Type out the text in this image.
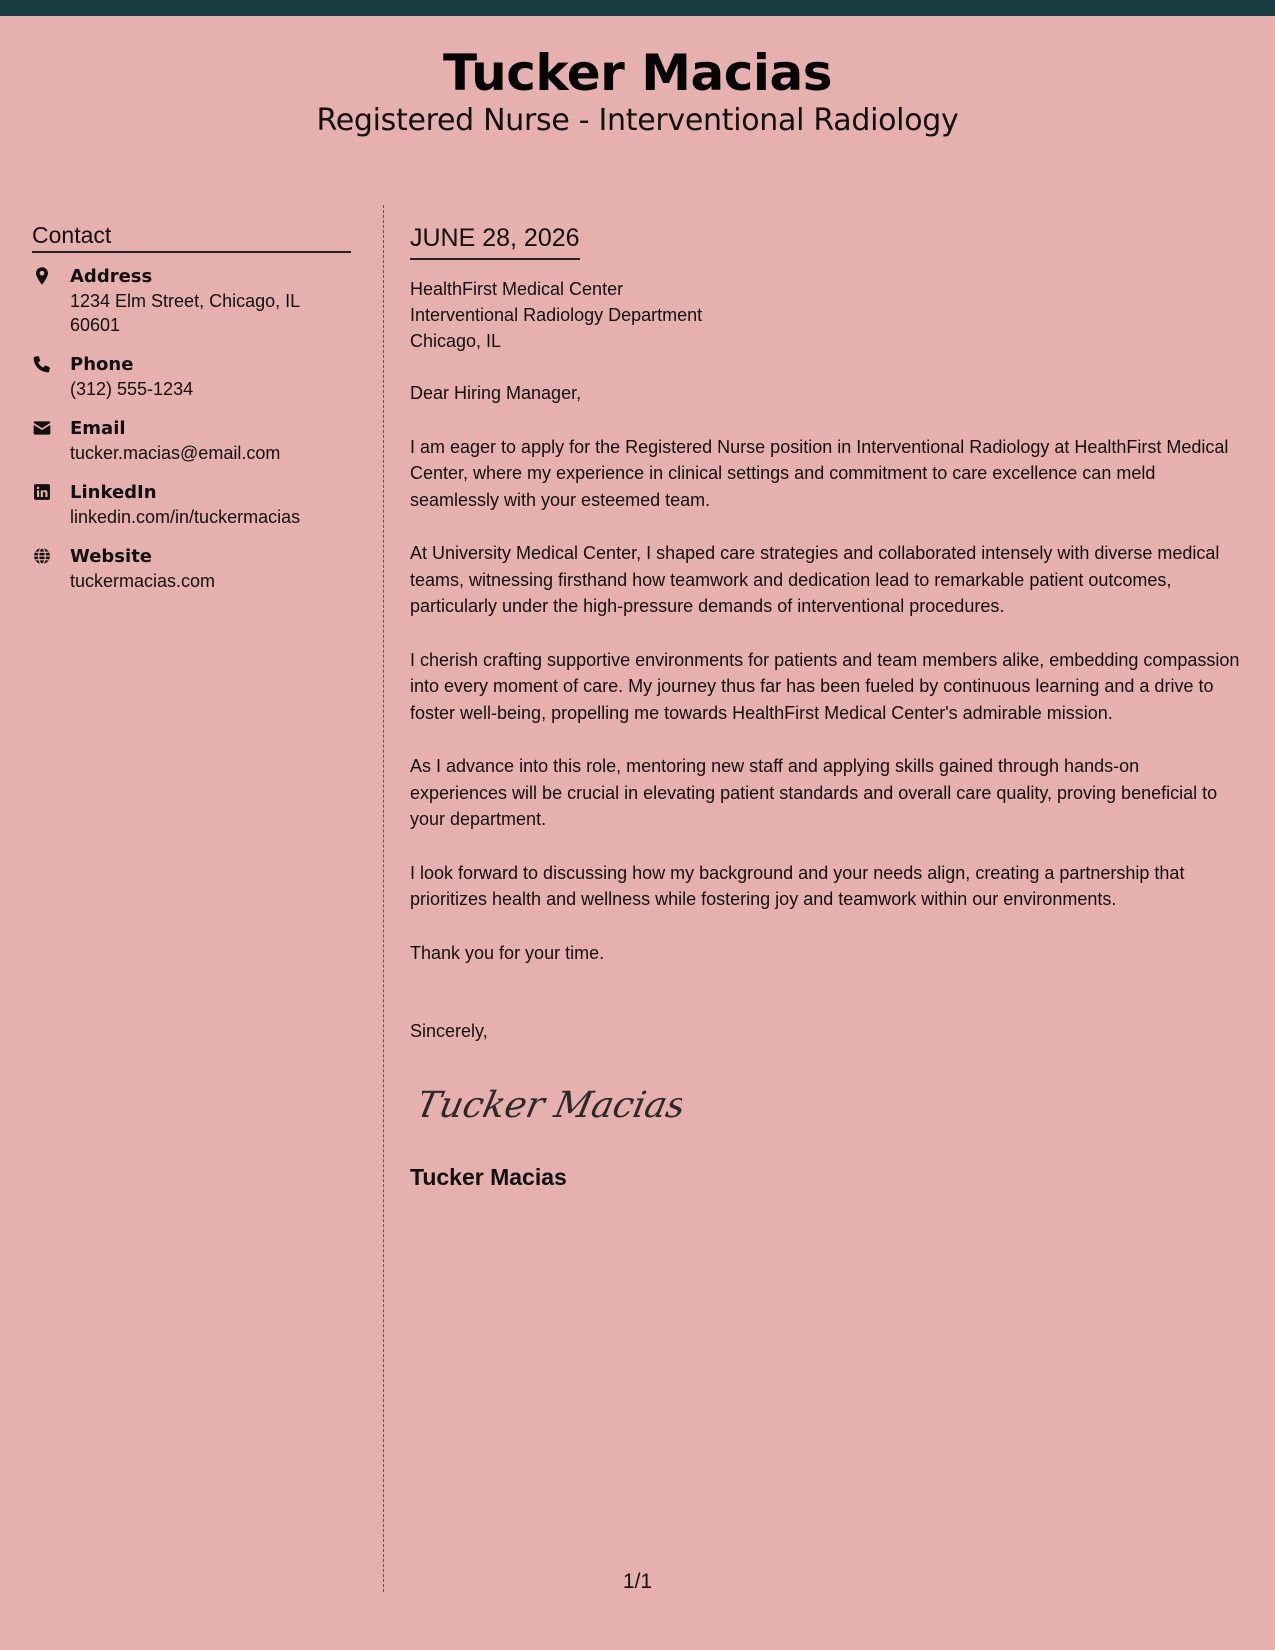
Tucker Macias
Registered Nurse - Interventional Radiology
Contact
Address
1234 Elm Street, Chicago, IL 60601
Phone
(312) 555-1234
Email
tucker.macias@email.com
LinkedIn
linkedin.com/in/tuckermacias
Website
tuckermacias.com
JUNE 28, 2026
HealthFirst Medical Center
Interventional Radiology Department
Chicago, IL

Dear Hiring Manager,

I am eager to apply for the Registered Nurse position in Interventional Radiology at HealthFirst Medical Center, where my experience in clinical settings and commitment to care excellence can meld seamlessly with your esteemed team.

At University Medical Center, I shaped care strategies and collaborated intensely with diverse medical teams, witnessing firsthand how teamwork and dedication lead to remarkable patient outcomes, particularly under the high-pressure demands of interventional procedures.

I cherish crafting supportive environments for patients and team members alike, embedding compassion into every moment of care. My journey thus far has been fueled by continuous learning and a drive to foster well-being, propelling me towards HealthFirst Medical Center's admirable mission.

As I advance into this role, mentoring new staff and applying skills gained through hands-on experiences will be crucial in elevating patient standards and overall care quality, proving beneficial to your department.

I look forward to discussing how my background and your needs align, creating a partnership that prioritizes health and wellness while fostering joy and teamwork within our environments.

Thank you for your time.

Sincerely,
Tucker Macias
Tucker Macias
1/1
